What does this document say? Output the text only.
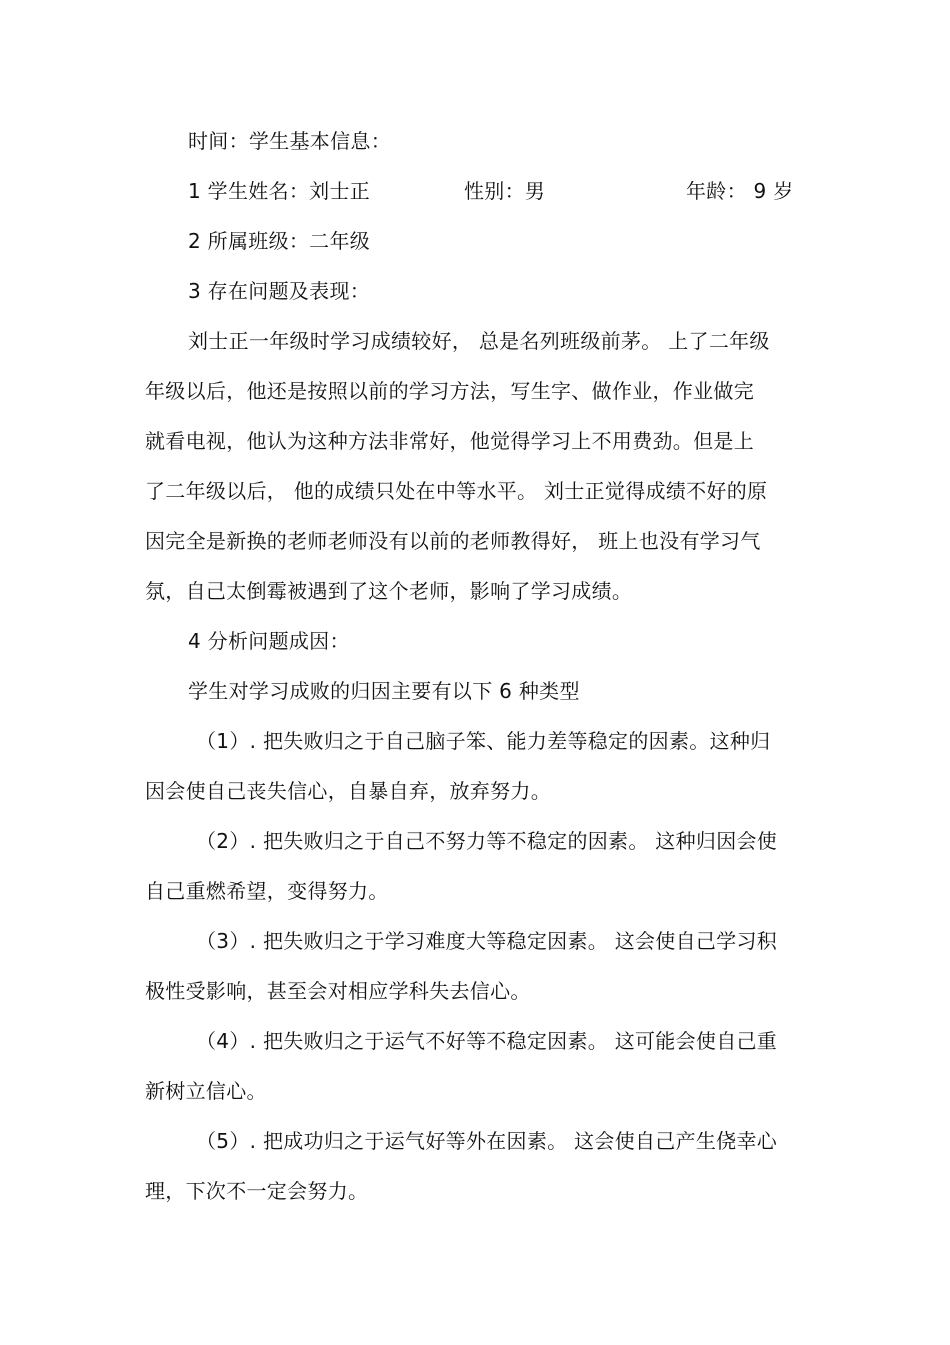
时间：学生基本信息：
1 学生姓名：刘士正	性别：男	年龄： 9 岁
2 所属班级：二年级
3 存在问题及表现：
刘士正一年级时学习成绩较好， 总是名列班级前茅。 上了二年级
年级以后，他还是按照以前的学习方法，写生字、做作业，作业做完
就看电视，他认为这种方法非常好，他觉得学习上不用费劲。但是上
了二年级以后， 他的成绩只处在中等水平。 刘士正觉得成绩不好的原
因完全是新换的老师老师没有以前的老师教得好， 班上也没有学习气
氛，自己太倒霉被遇到了这个老师，影响了学习成绩。
4 分析问题成因：
学生对学习成败的归因主要有以下 6 种类型
（1）. 把失败归之于自己脑子笨、能力差等稳定的因素。这种归
因会使自己丧失信心，自暴自弃，放弃努力。
（2）. 把失败归之于自己不努力等不稳定的因素。 这种归因会使
自己重燃希望，变得努力。
（3）. 把失败归之于学习难度大等稳定因素。 这会使自己学习积
极性受影响，甚至会对相应学科失去信心。
（4）. 把失败归之于运气不好等不稳定因素。 这可能会使自己重
新树立信心。
（5）. 把成功归之于运气好等外在因素。 这会使自己产生侥幸心
理，下次不一定会努力。
